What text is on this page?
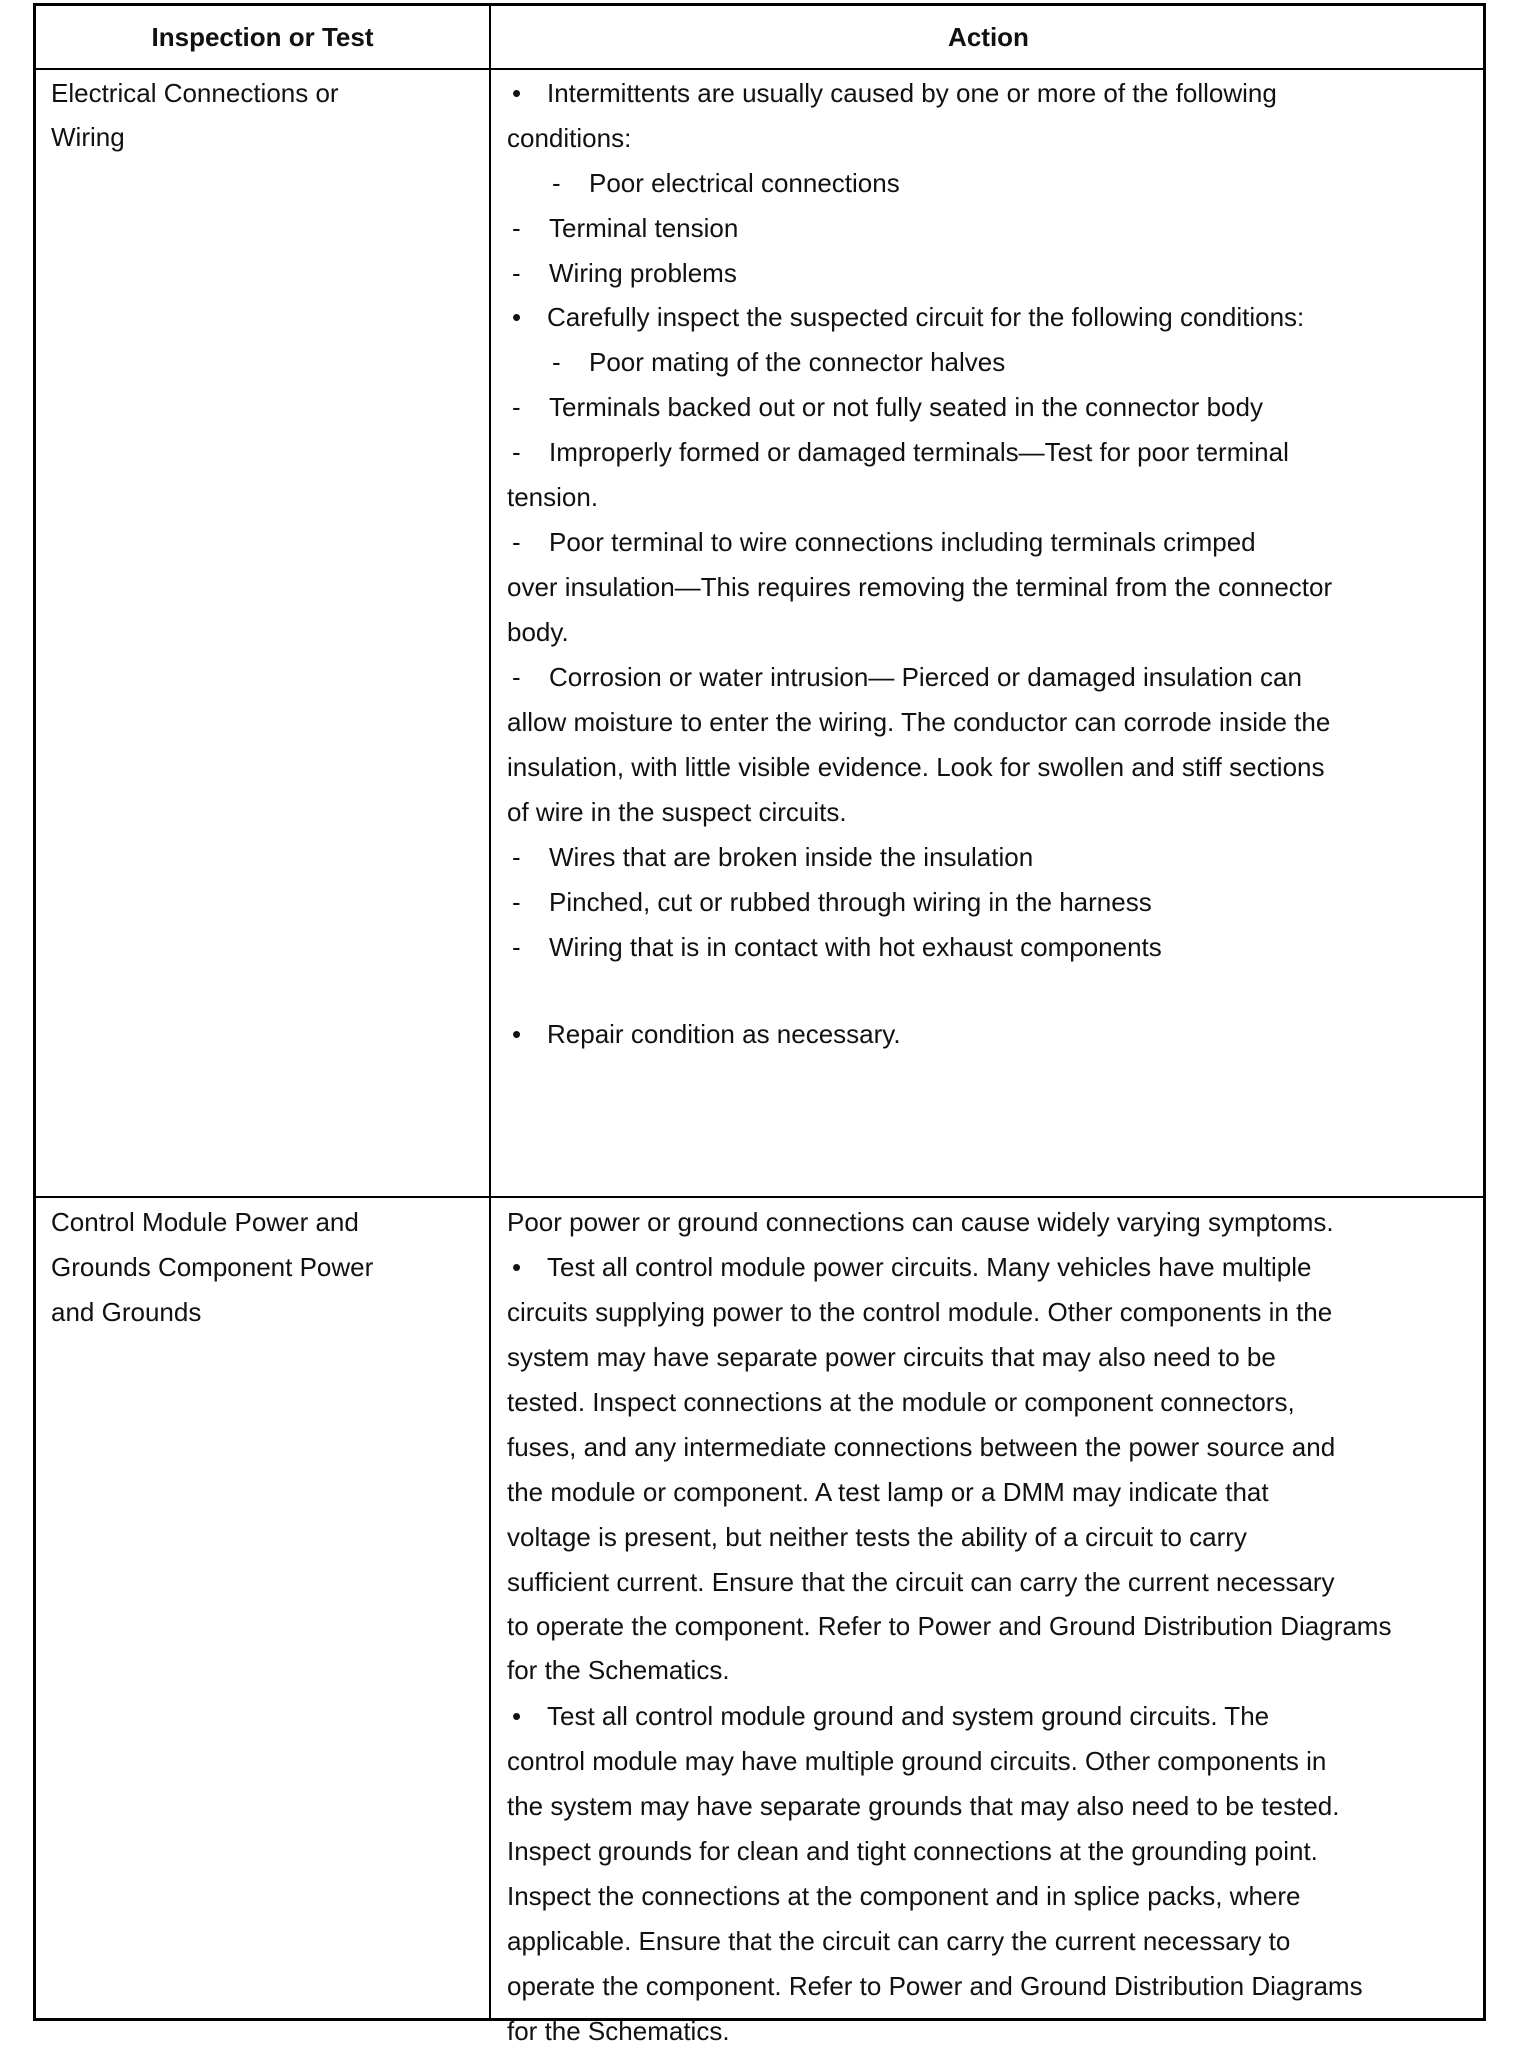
Inspection or Test	Action
Electrical Connections or
Wiring
• Intermittents are usually caused by one or more of the following
conditions:
- Poor electrical connections
- Terminal tension
- Wiring problems
• Carefully inspect the suspected circuit for the following conditions:
- Poor mating of the connector halves
- Terminals backed out or not fully seated in the connector body
- Improperly formed or damaged terminals—Test for poor terminal
tension.
- Poor terminal to wire connections including terminals crimped
over insulation—This requires removing the terminal from the connector
body.
- Corrosion or water intrusion— Pierced or damaged insulation can
allow moisture to enter the wiring. The conductor can corrode inside the
insulation, with little visible evidence. Look for swollen and stiff sections
of wire in the suspect circuits.
- Wires that are broken inside the insulation
- Pinched, cut or rubbed through wiring in the harness
- Wiring that is in contact with hot exhaust components
• Repair condition as necessary.
Control Module Power and
Grounds Component Power
and Grounds
Poor power or ground connections can cause widely varying symptoms.
• Test all control module power circuits. Many vehicles have multiple
circuits supplying power to the control module. Other components in the
system may have separate power circuits that may also need to be
tested. Inspect connections at the module or component connectors,
fuses, and any intermediate connections between the power source and
the module or component. A test lamp or a DMM may indicate that
voltage is present, but neither tests the ability of a circuit to carry
sufficient current. Ensure that the circuit can carry the current necessary
to operate the component. Refer to Power and Ground Distribution Diagrams
for the Schematics.
• Test all control module ground and system ground circuits. The
control module may have multiple ground circuits. Other components in
the system may have separate grounds that may also need to be tested.
Inspect grounds for clean and tight connections at the grounding point.
Inspect the connections at the component and in splice packs, where
applicable. Ensure that the circuit can carry the current necessary to
operate the component. Refer to Power and Ground Distribution Diagrams
for the Schematics.
